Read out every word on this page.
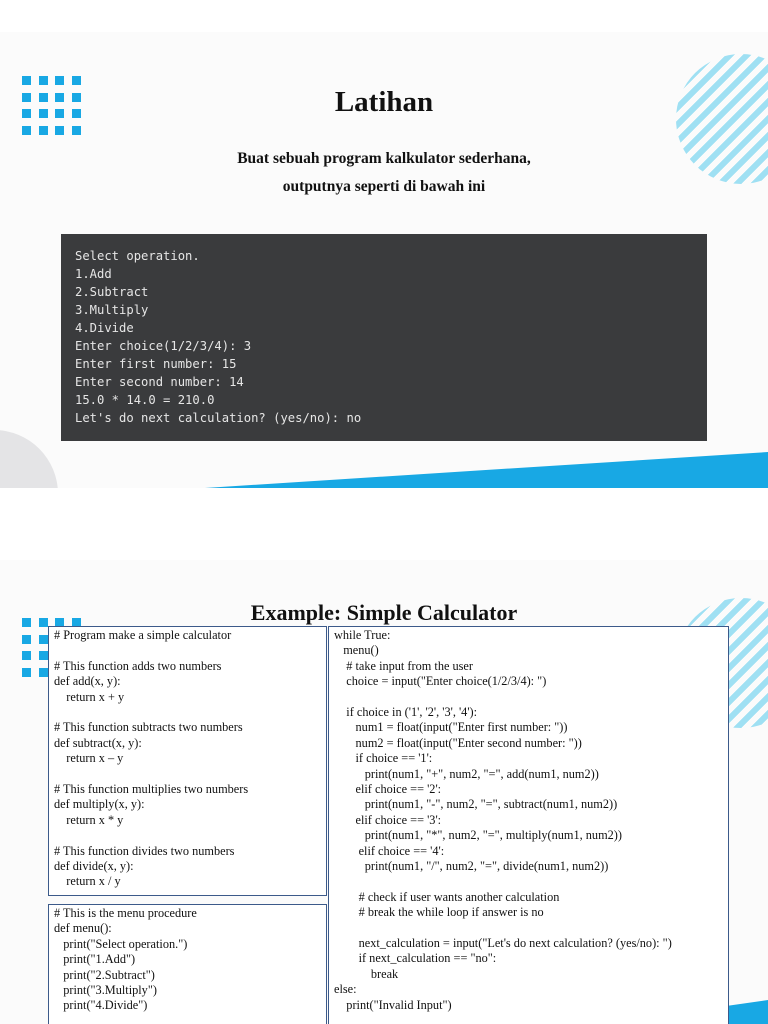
Latihan
Buat sebuah program kalkulator sederhana,
outputnya seperti di bawah ini
Select operation.
1.Add
2.Subtract
3.Multiply
4.Divide
Enter choice(1/2/3/4): 3
Enter first number: 15
Enter second number: 14
15.0 * 14.0 = 210.0
Let's do next calculation? (yes/no): no
Example: Simple Calculator
# Program make a simple calculator
# This function adds two numbers
def add(x, y):
return x + y
# This function subtracts two numbers
def subtract(x, y):
return x – y
# This function multiplies two numbers
def multiply(x, y):
return x * y
# This function divides two numbers
def divide(x, y):
return x / y
# This is the menu procedure
def menu():
print("Select operation.")
print("1.Add")
print("2.Subtract")
print("3.Multiply")
print("4.Divide")
while True:
menu()
# take input from the user
choice = input("Enter choice(1/2/3/4): ")
if choice in ('1', '2', '3', '4'):
num1 = float(input("Enter first number: "))
num2 = float(input("Enter second number: "))
if choice == '1':
print(num1, "+", num2, "=", add(num1, num2))
elif choice == '2':
print(num1, "-", num2, "=", subtract(num1, num2))
elif choice == '3':
print(num1, "*", num2, "=", multiply(num1, num2))
elif choice == '4':
print(num1, "/", num2, "=", divide(num1, num2))
# check if user wants another calculation
# break the while loop if answer is no
next_calculation = input("Let's do next calculation? (yes/no): ")
if next_calculation == "no":
break
else:
print("Invalid Input")
